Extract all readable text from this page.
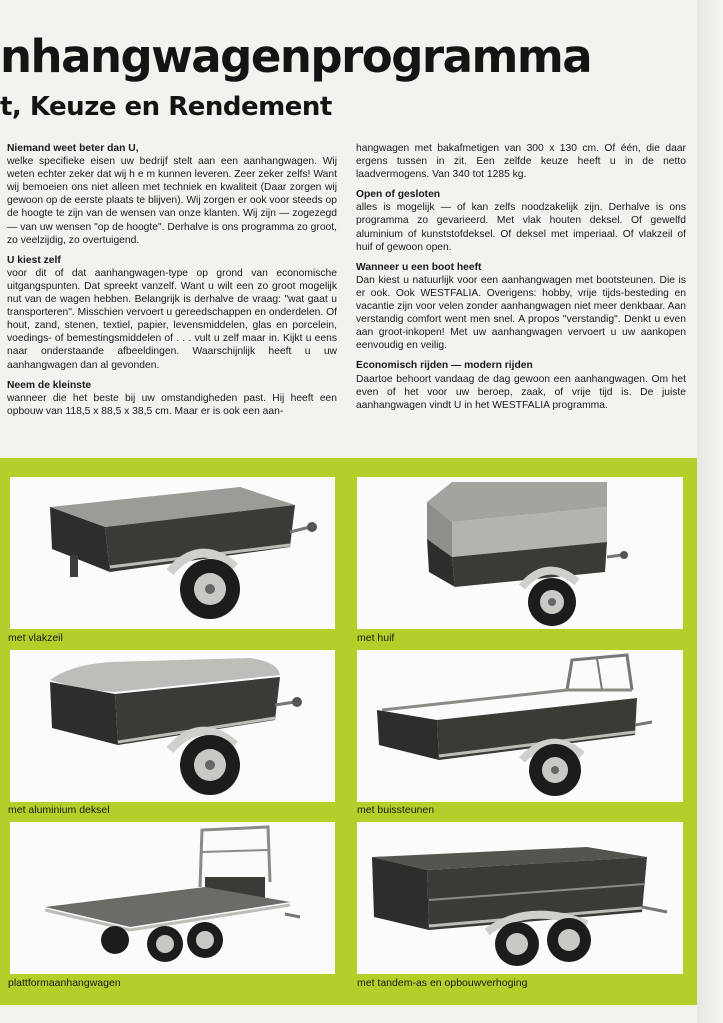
nhangwagenprogramma
t, Keuze en Rendement
Niemand weet beter dan U,

welke specifieke eisen uw bedrijf stelt aan een aanhangwagen. Wij weten echter zeker dat wij h e m kunnen leveren. Zeer zeker zelfs! Want wij bemoeien ons niet alleen met techniek en kwaliteit (Daar zorgen wij gewoon op de eerste plaats te blijven). Wij zorgen er ook voor steeds op de hoogte te zijn van de wensen van onze klanten. Wij zijn — zogezegd — van uw wensen "op de hoogte". Derhalve is ons programma zo groot, zo veelzijdig, zo overtuigend.

U kiest zelf

voor dit of dat aanhangwagen-type op grond van economische uitgangspunten. Dat spreekt vanzelf. Want u wilt een zo groot mogelijk nut van de wagen hebben. Belangrijk is derhalve de vraag: "wat gaat u transporteren". Misschien vervoert u gereedschappen en onderdelen. Of hout, zand, stenen, textiel, papier, levensmiddelen, glas en porcelein, voedings- of bemestingsmiddelen of . . . vult u zelf maar in. Kijkt u eens naar onderstaande afbeeldingen. Waarschijnlijk heeft u uw aanhangwagen dan al gevonden.

Neem de kleinste

wanneer die het beste bij uw omstandigheden past. Hij heeft een opbouw van 118,5 x 88,5 x 38,5 cm. Maar er is ook een aan-

hangwagen met bakafmetigen van 300 x 130 cm. Of één, die daar ergens tussen in zit. Een zelfde keuze heeft u in de netto laadvermogens. Van 340 tot 1285 kg.

Open of gesloten

alles is mogelijk — of kan zelfs noodzakelijk zijn. Derhalve is ons programma zo gevarieerd. Met vlak houten deksel. Of gewelfd aluminium of kunststofdeksel. Of deksel met imperiaal. Of vlakzeil of huif of gewoon open.

Wanneer u een boot heeft

Dan kiest u natuurlijk voor een aanhangwagen met bootsteunen. Die is er ook. Ook WESTFALIA. Overigens: hobby, vrije tijds-besteding en vacantie zijn voor velen zonder aanhangwagen niet meer denkbaar. Aan verstandig comfort went men snel. A propos "verstandig". Denkt u even aan groot-inkopen! Met uw aanhangwagen vervoert u uw aankopen eenvoudig en veilig.

Economisch rijden — modern rijden

Daartoe behoort vandaag de dag gewoon een aanhangwagen. Om het even of het voor uw beroep, zaak, of vrije tijd is. De juiste aanhangwagen vindt U in het WESTFALIA programma.

met vlakzeil	met huif
met aluminium deksel	met buissteunen
plattformaanhangwagen	met tandem-as en opbouwverhoging
